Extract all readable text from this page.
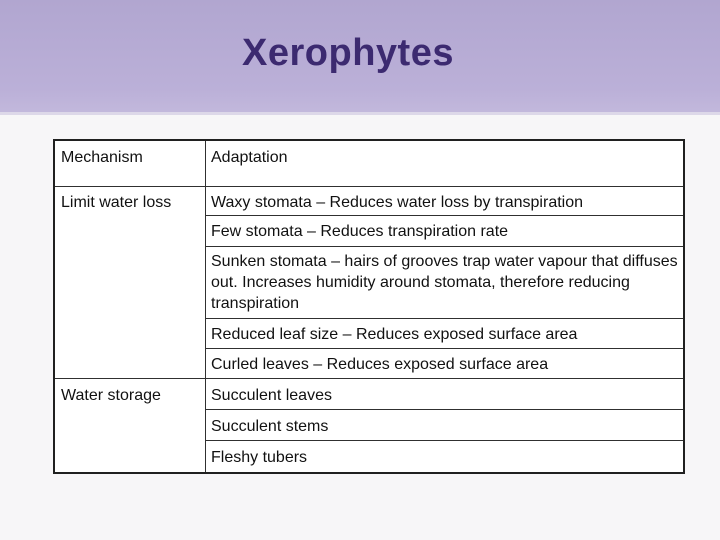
Xerophytes
Mechanism	Adaptation
Limit water loss
Water storage
Waxy stomata – Reduces water loss by transpiration
Few stomata – Reduces transpiration rate
Sunken stomata – hairs of grooves trap water vapour that diffuses out. Increases humidity around stomata, therefore reducing transpiration
Reduced leaf size – Reduces exposed surface area
Curled leaves – Reduces exposed surface area
Succulent leaves
Succulent stems
Fleshy tubers
